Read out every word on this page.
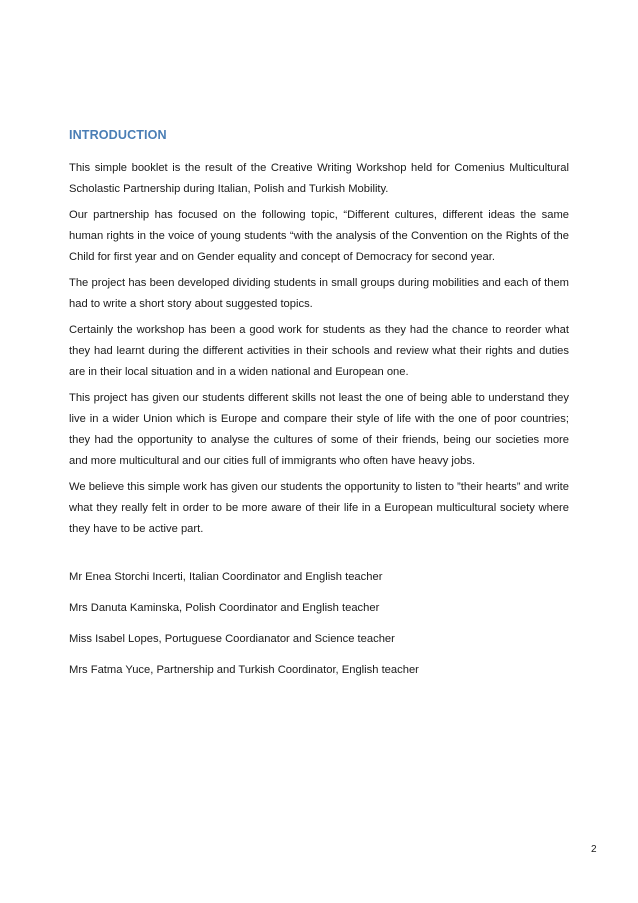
INTRODUCTION

This simple booklet is the result of the Creative Writing Workshop held for Comenius Multicultural Scholastic Partnership during Italian, Polish and Turkish Mobility.

Our partnership has focused on the following topic, “Different cultures, different ideas the same human rights in the voice of young students “with the analysis of the Convention on the Rights of the Child for first year and on Gender equality and concept of Democracy for second year.

The project has been developed dividing students in small groups during mobilities and each of them had to write a short story about suggested topics.

Certainly the workshop has been a good work for students as they had the chance to reorder what they had learnt during the different activities in their schools and review what their rights and duties are in their local situation and in a widen national and European one.

This project has given our students different skills not least the one of being able to understand they live in a wider Union which is Europe and compare their style of life with the one of poor countries; they had the opportunity to analyse the cultures of some of their friends, being our societies more and more multicultural and our cities full of immigrants who often have heavy jobs.

We believe this simple work has given our students the opportunity to listen to ”their hearts” and write what they really felt in order to be more aware of their life in a European multicultural society where they have to be active part.

Mr Enea Storchi Incerti, Italian Coordinator and English teacher

Mrs Danuta Kaminska, Polish Coordinator and English teacher

Miss Isabel Lopes, Portuguese Coordianator and Science teacher

Mrs Fatma Yuce, Partnership and Turkish Coordinator, English teacher

2
